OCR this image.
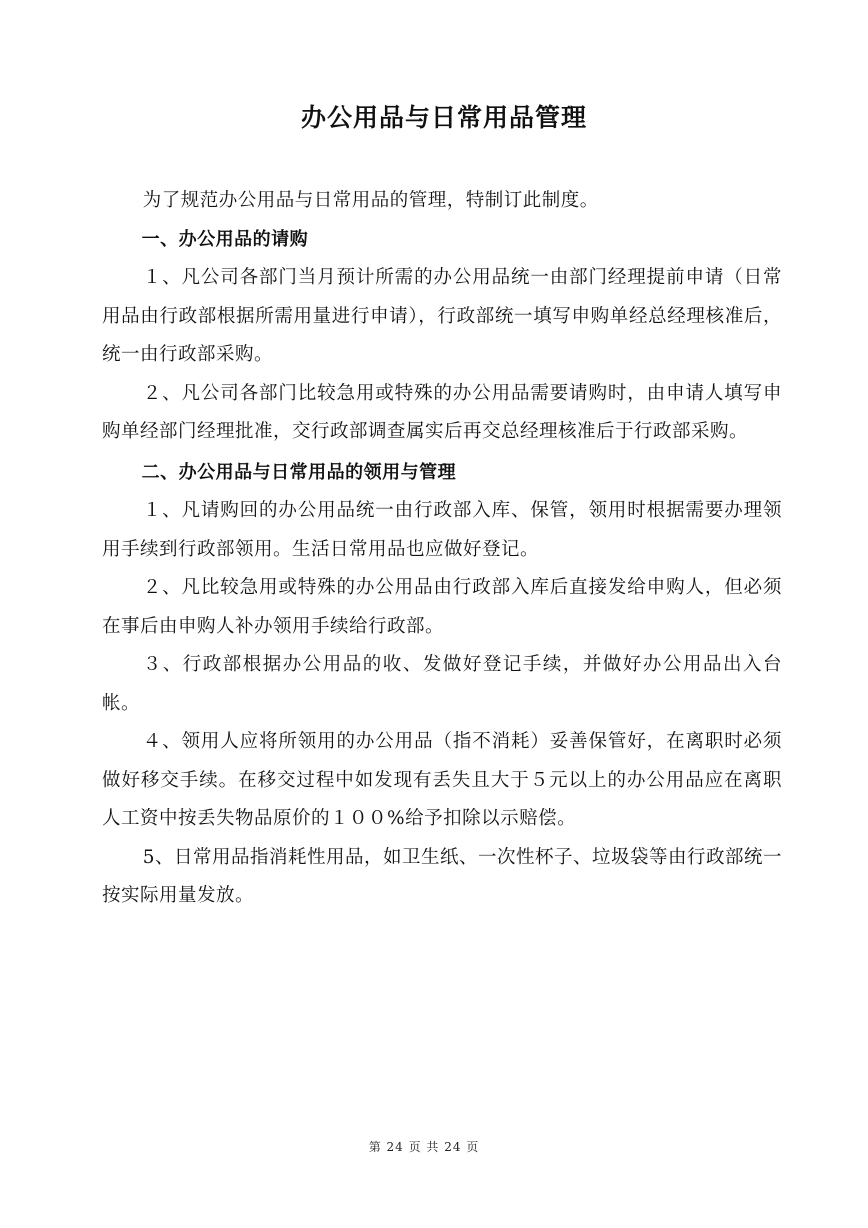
办公用品与日常用品管理

为了规范办公用品与日常用品的管理，特制订此制度。

一、办公用品的请购

１、凡公司各部门当月预计所需的办公用品统一由部门经理提前申请（日常用品由行政部根据所需用量进行申请），行政部统一填写申购单经总经理核准后，统一由行政部采购。

２、凡公司各部门比较急用或特殊的办公用品需要请购时，由申请人填写申购单经部门经理批准，交行政部调查属实后再交总经理核准后于行政部采购。

二、办公用品与日常用品的领用与管理

１、凡请购回的办公用品统一由行政部入库、保管，领用时根据需要办理领用手续到行政部领用。生活日常用品也应做好登记。

２、凡比较急用或特殊的办公用品由行政部入库后直接发给申购人，但必须在事后由申购人补办领用手续给行政部。

３、行政部根据办公用品的收、发做好登记手续，并做好办公用品出入台帐。

４、领用人应将所领用的办公用品（指不消耗）妥善保管好，在离职时必须做好移交手续。在移交过程中如发现有丢失且大于５元以上的办公用品应在离职人工资中按丢失物品原价的１００%给予扣除以示赔偿。

5、日常用品指消耗性用品，如卫生纸、一次性杯子、垃圾袋等由行政部统一按实际用量发放。

第 24 页 共 24 页
